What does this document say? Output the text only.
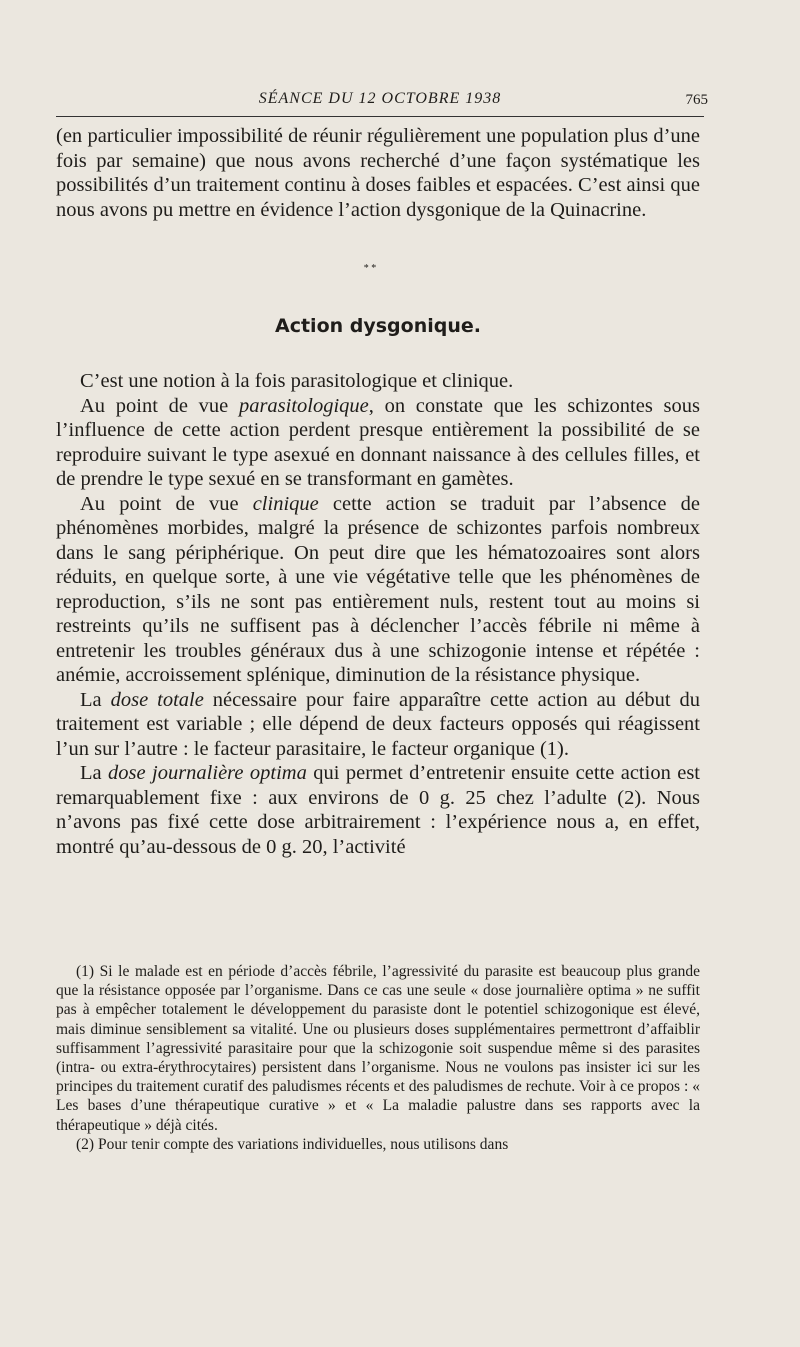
SÉANCE DU 12 OCTOBRE 1938	765

(en particulier impossibilité de réunir régulièrement une population plus d’une fois par semaine) que nous avons recherché d’une façon systématique les possibilités d’un traitement continu à doses faibles et espacées. C’est ainsi que nous avons pu mettre en évidence l’action dysgonique de la Quinacrine.

* *
Action dysgonique.

C’est une notion à la fois parasitologique et clinique.

Au point de vue parasitologique, on constate que les schizontes sous l’influence de cette action perdent presque entièrement la possibilité de se reproduire suivant le type asexué en donnant naissance à des cellules filles, et de prendre le type sexué en se transformant en gamètes.

Au point de vue clinique cette action se traduit par l’absence de phénomènes morbides, malgré la présence de schizontes parfois nombreux dans le sang périphérique. On peut dire que les hématozoaires sont alors réduits, en quelque sorte, à une vie végétative telle que les phénomènes de reproduction, s’ils ne sont pas entièrement nuls, restent tout au moins si restreints qu’ils ne suffisent pas à déclencher l’accès fébrile ni même à entretenir les troubles généraux dus à une schizogonie intense et répétée : anémie, accroissement splénique, diminution de la résistance physique.

La dose totale nécessaire pour faire apparaître cette action au début du traitement est variable ; elle dépend de deux facteurs opposés qui réagissent l’un sur l’autre : le facteur parasitaire, le facteur organique (1).

La dose journalière optima qui permet d’entretenir ensuite cette action est remarquablement fixe : aux environs de 0 g. 25 chez l’adulte (2). Nous n’avons pas fixé cette dose arbitrairement : l’expérience nous a, en effet, montré qu’au-dessous de 0 g. 20, l’activité

(1) Si le malade est en période d’accès fébrile, l’agressivité du parasite est beaucoup plus grande que la résistance opposée par l’organisme. Dans ce cas une seule « dose journalière optima » ne suffit pas à empêcher totalement le développement du parasiste dont le potentiel schizogonique est élevé, mais diminue sensiblement sa vitalité. Une ou plusieurs doses supplémentaires permettront d’affaiblir suffisamment l’agressivité parasitaire pour que la schizogonie soit suspendue même si des parasites (intra- ou extra-érythrocytaires) persistent dans l’organisme. Nous ne voulons pas insister ici sur les principes du traitement curatif des paludismes récents et des paludismes de rechute. Voir à ce propos : « Les bases d’une thérapeutique curative » et « La maladie palustre dans ses rapports avec la thérapeutique » déjà cités.

(2) Pour tenir compte des variations individuelles, nous utilisons dans
